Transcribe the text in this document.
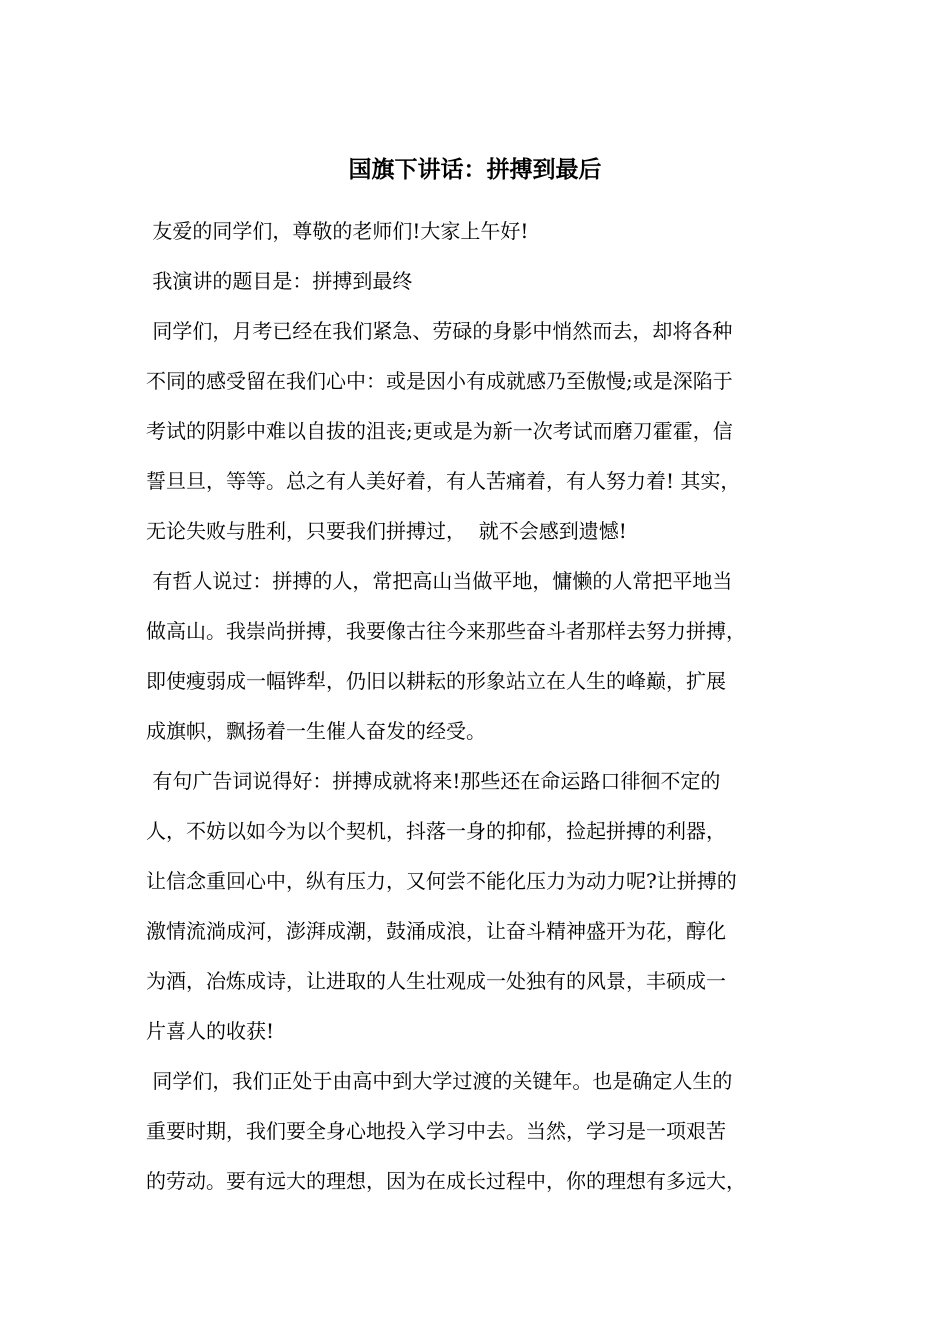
国旗下讲话：拼搏到最后
友爱的同学们，尊敬的老师们!大家上午好!
我演讲的题目是：拼搏到最终
同学们，月考已经在我们紧急、劳碌的身影中悄然而去，却将各种
不同的感受留在我们心中：或是因小有成就感乃至傲慢;或是深陷于
考试的阴影中难以自拔的沮丧;更或是为新一次考试而磨刀霍霍，信
誓旦旦，等等。总之有人美好着，有人苦痛着，有人努力着! 其实，
无论失败与胜利，只要我们拼搏过，  就不会感到遗憾!
有哲人说过：拼搏的人，常把高山当做平地，慵懒的人常把平地当
做高山。我崇尚拼搏，我要像古往今来那些奋斗者那样去努力拼搏，
即使瘦弱成一幅铧犁，仍旧以耕耘的形象站立在人生的峰巅，扩展
成旗帜，飘扬着一生催人奋发的经受。
有句广告词说得好：拼搏成就将来!那些还在命运路口徘徊不定的
人，不妨以如今为以个契机，抖落一身的抑郁，捡起拼搏的利器，
让信念重回心中，纵有压力，又何尝不能化压力为动力呢?让拼搏的
激情流淌成河，澎湃成潮，鼓涌成浪，让奋斗精神盛开为花，醇化
为酒，冶炼成诗，让进取的人生壮观成一处独有的风景，丰硕成一
片喜人的收获!
同学们，我们正处于由高中到大学过渡的关键年。也是确定人生的
重要时期，我们要全身心地投入学习中去。当然，学习是一项艰苦
的劳动。要有远大的理想，因为在成长过程中，你的理想有多远大，
